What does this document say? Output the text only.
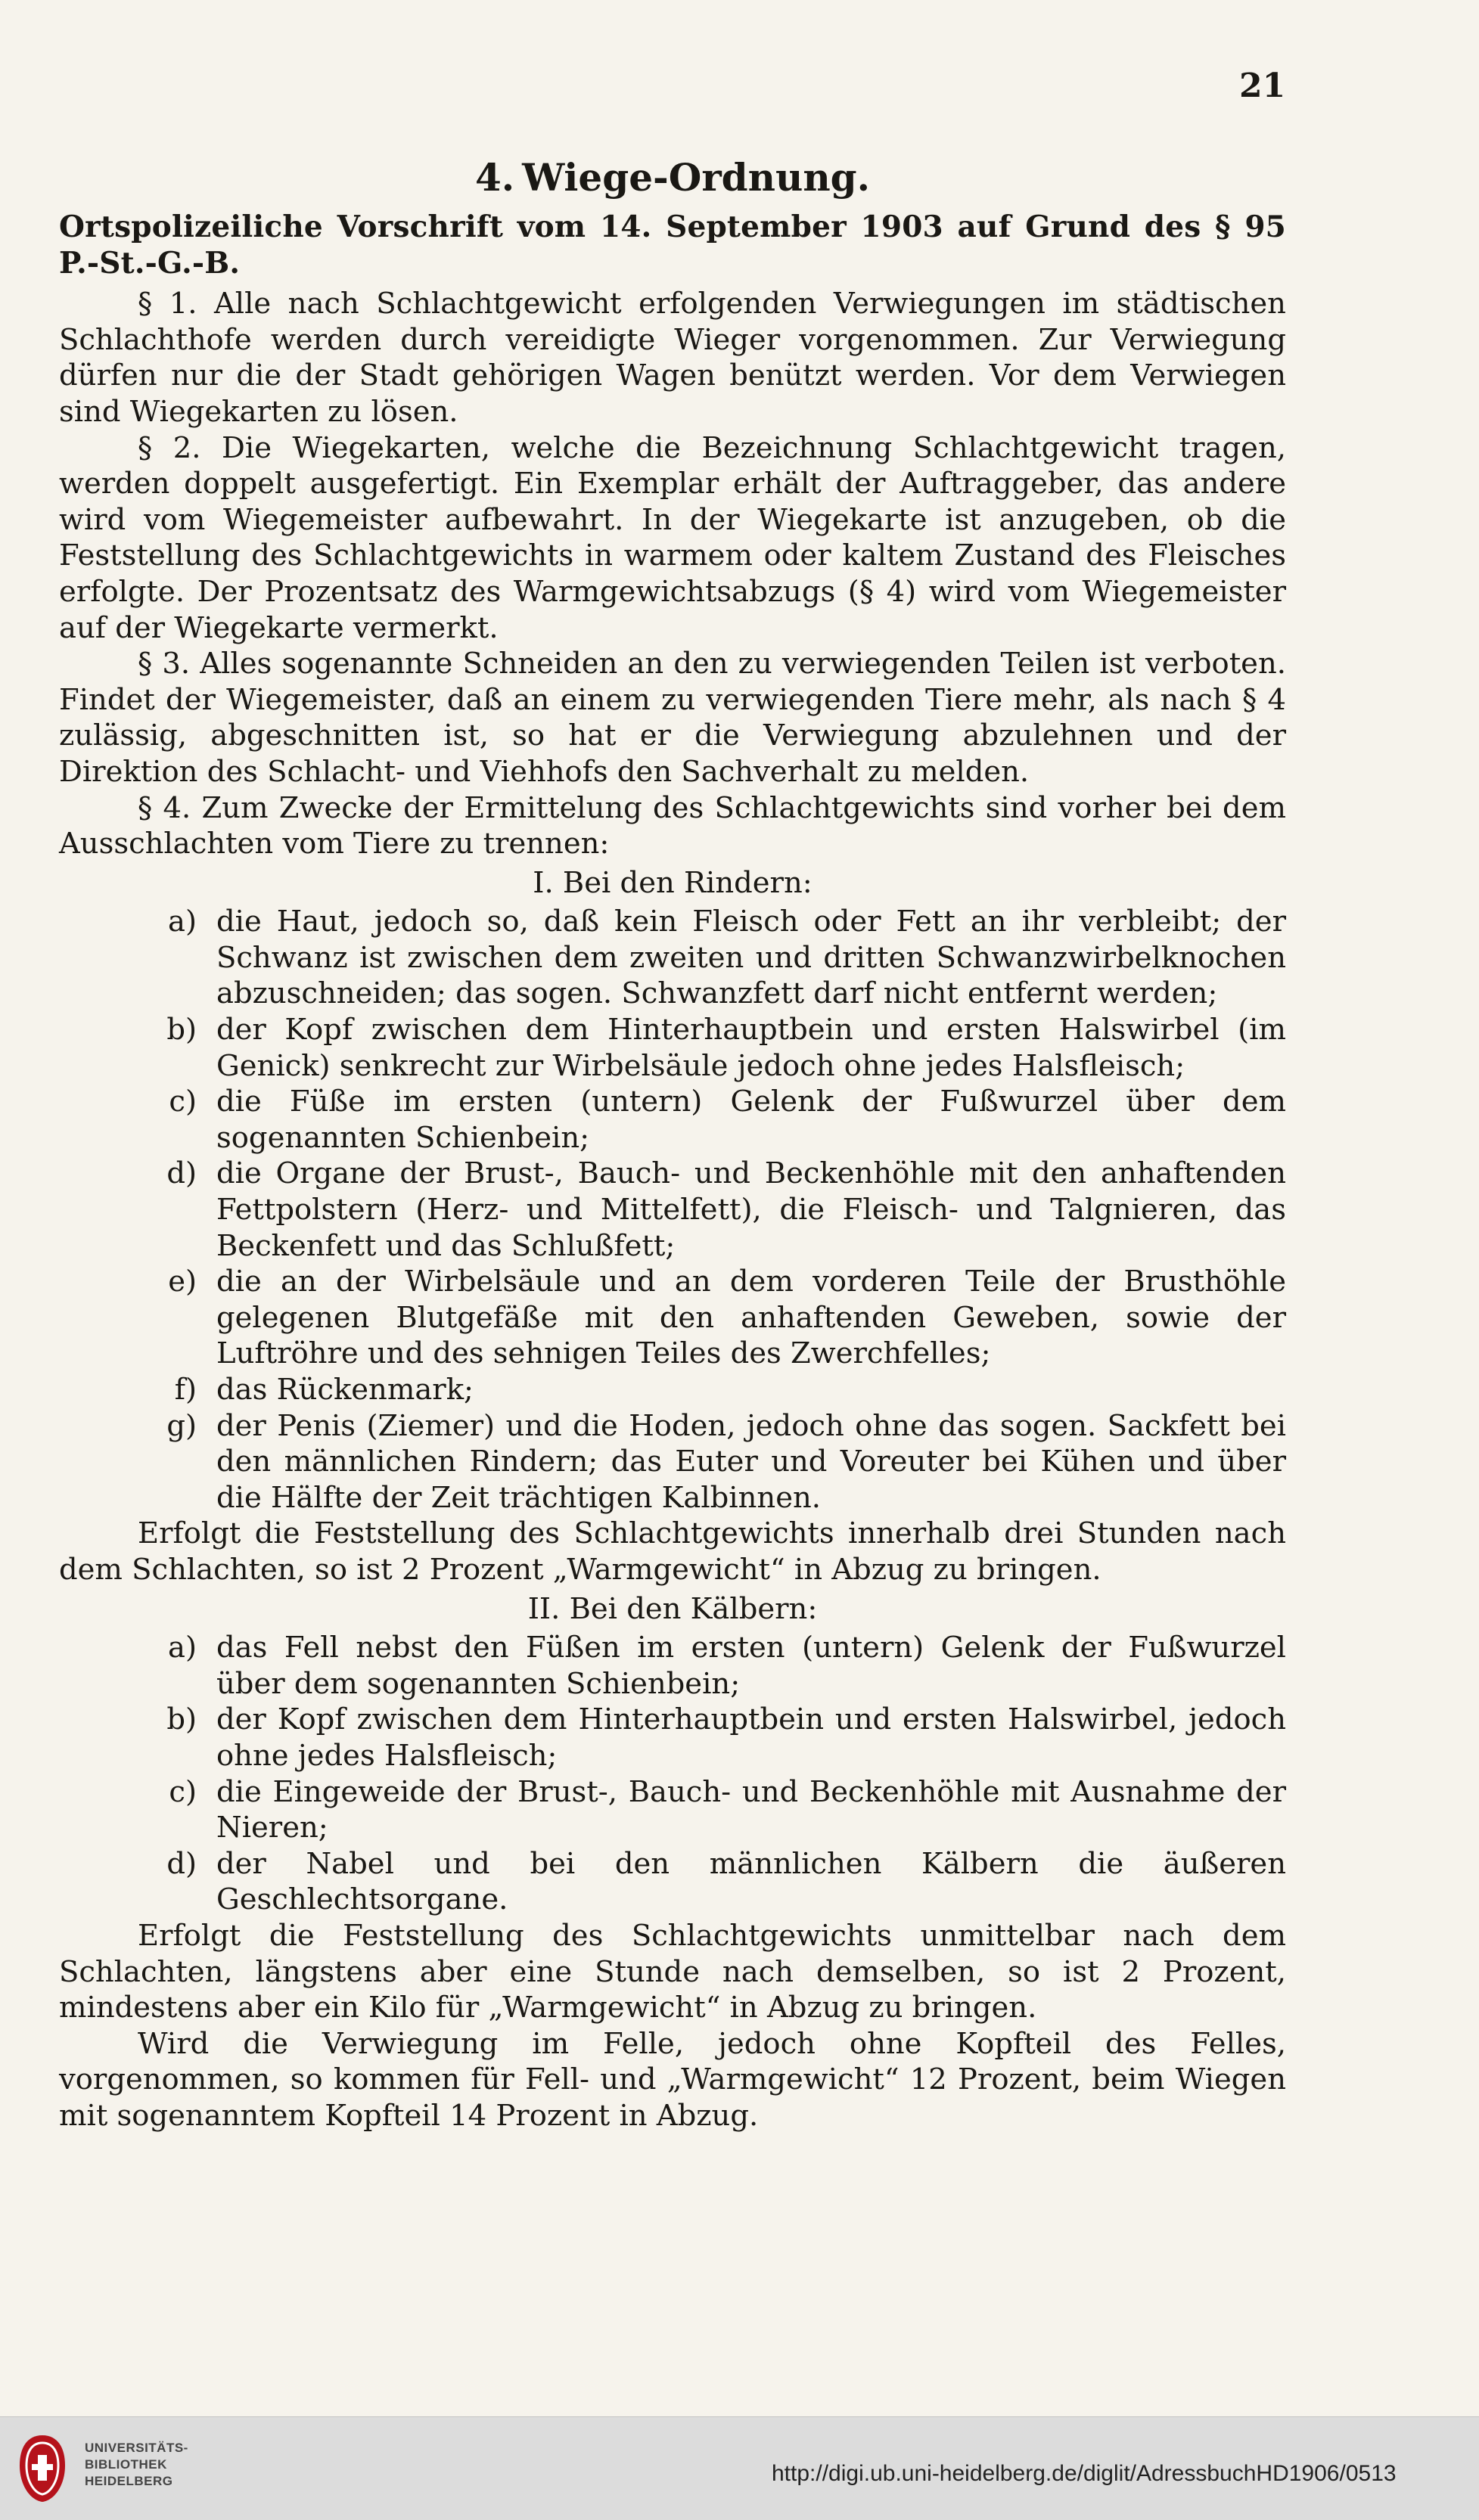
21
4. Wiege-Ordnung.
Ortspolizeiliche Vorschrift vom 14. September 1903 auf Grund des § 95 P.-St.-G.-B.

§ 1. Alle nach Schlachtgewicht erfolgenden Verwiegungen im städtischen Schlachthofe werden durch vereidigte Wieger vorgenommen. Zur Verwiegung dürfen nur die der Stadt gehörigen Wagen benützt werden. Vor dem Verwiegen sind Wiegekarten zu lösen.

§ 2. Die Wiegekarten, welche die Bezeichnung Schlachtgewicht tragen, werden doppelt ausgefertigt. Ein Exemplar erhält der Auftraggeber, das andere wird vom Wiegemeister aufbewahrt. In der Wiegekarte ist anzugeben, ob die Feststellung des Schlachtgewichts in warmem oder kaltem Zustand des Fleisches erfolgte. Der Prozentsatz des Warmgewichtsabzugs (§ 4) wird vom Wiegemeister auf der Wiegekarte vermerkt.

§ 3. Alles sogenannte Schneiden an den zu verwiegenden Teilen ist verboten. Findet der Wiegemeister, daß an einem zu verwiegenden Tiere mehr, als nach § 4 zulässig, abgeschnitten ist, so hat er die Verwiegung abzulehnen und der Direktion des Schlacht- und Viehhofs den Sachverhalt zu melden.

§ 4. Zum Zwecke der Ermittelung des Schlachtgewichts sind vorher bei dem Ausschlachten vom Tiere zu trennen:

I. Bei den Rindern:

a) die Haut, jedoch so, daß kein Fleisch oder Fett an ihr verbleibt; der Schwanz ist zwischen dem zweiten und dritten Schwanzwirbelknochen abzuschneiden; das sogen. Schwanzfett darf nicht entfernt werden;
b) der Kopf zwischen dem Hinterhauptbein und ersten Halswirbel (im Genick) senkrecht zur Wirbelsäule jedoch ohne jedes Halsfleisch;
c) die Füße im ersten (untern) Gelenk der Fußwurzel über dem sogenannten Schienbein;
d) die Organe der Brust-, Bauch- und Beckenhöhle mit den anhaftenden Fettpolstern (Herz- und Mittelfett), die Fleisch- und Talgnieren, das Beckenfett und das Schlußfett;
e) die an der Wirbelsäule und an dem vorderen Teile der Brusthöhle gelegenen Blutgefäße mit den anhaftenden Geweben, sowie der Luftröhre und des sehnigen Teiles des Zwerchfelles;
f) das Rückenmark;
g) der Penis (Ziemer) und die Hoden, jedoch ohne das sogen. Sackfett bei den männlichen Rindern; das Euter und Voreuter bei Kühen und über die Hälfte der Zeit trächtigen Kalbinnen.

Erfolgt die Feststellung des Schlachtgewichts innerhalb drei Stunden nach dem Schlachten, so ist 2 Prozent „Warmgewicht“ in Abzug zu bringen.

II. Bei den Kälbern:

a) das Fell nebst den Füßen im ersten (untern) Gelenk der Fußwurzel über dem sogenannten Schienbein;
b) der Kopf zwischen dem Hinterhauptbein und ersten Halswirbel, jedoch ohne jedes Halsfleisch;
c) die Eingeweide der Brust-, Bauch- und Beckenhöhle mit Ausnahme der Nieren;
d) der Nabel und bei den männlichen Kälbern die äußeren Geschlechtsorgane.

Erfolgt die Feststellung des Schlachtgewichts unmittelbar nach dem Schlachten, längstens aber eine Stunde nach demselben, so ist 2 Prozent, mindestens aber ein Kilo für „Warmgewicht“ in Abzug zu bringen.

Wird die Verwiegung im Felle, jedoch ohne Kopfteil des Felles, vorgenommen, so kommen für Fell- und „Warmgewicht“ 12 Prozent, beim Wiegen mit sogenanntem Kopfteil 14 Prozent in Abzug.

UNIVERSITÄTS-
BIBLIOTHEK
HEIDELBERG	http://digi.ub.uni-heidelberg.de/diglit/AdressbuchHD1906/0513
